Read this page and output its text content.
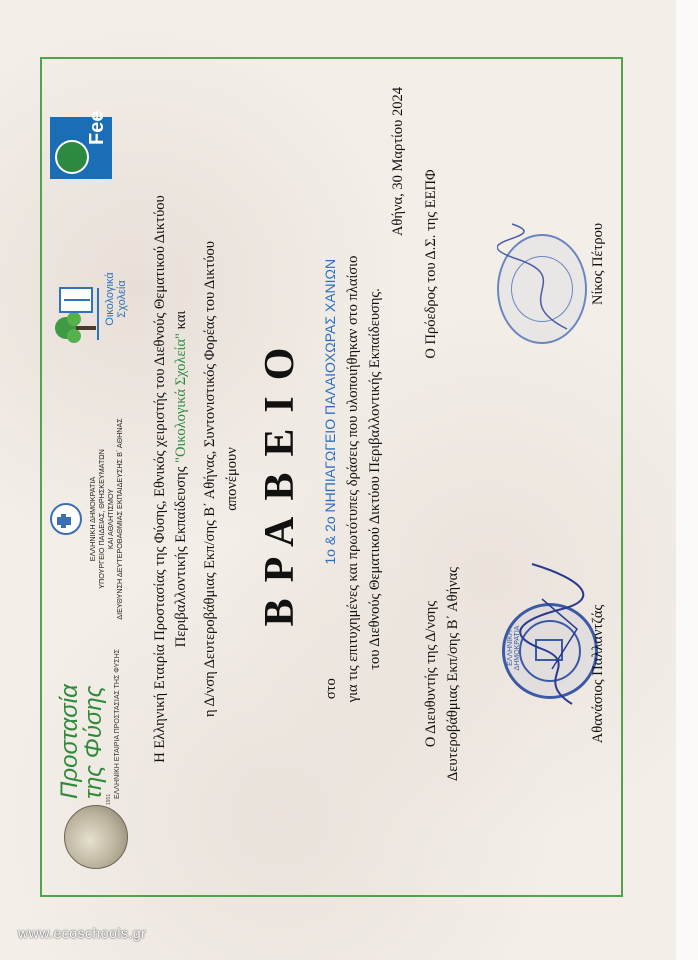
Προστασία της Φύσης
1951
ΕΛΛΗΝΙΚΗ ΕΤΑΙΡΙΑ ΠΡΟΣΤΑΣΙΑΣ ΤΗΣ ΦΥΣΗΣ
ΕΛΛΗΝΙΚΗ ΔΗΜΟΚΡΑΤΙΑ ΥΠΟΥΡΓΕΙΟ ΠΑΙΔΕΙΑΣ, ΘΡΗΣΚΕΥΜΑΤΩΝ ΚΑΙ ΑΘΛΗΤΙΣΜΟΥ ΔΙΕΥΘΥΝΣΗ ΔΕΥΤΕΡΟΒΑΘΜΙΑΣ ΕΚΠΑΙΔΕΥΣΗΣ Β΄ ΑΘΗΝΑΣ
Οικολογικά Σχολεία
Fee
Η Ελληνική Εταιρία Προστασίας της Φύσης, Εθνικός χειριστής του Διεθνούς Θεματικού Δικτύου Περιβαλλοντικής Εκπαίδευσης "Οικολογικά Σχολεία" και η Δ/νση Δευτεροβάθμιας Εκπ/σης Β΄ Αθήνας, Συντονιστικός Φορέας του Δικτύου απονέμουν ΒΡΑΒΕΙΟ
στο 1ο & 2ο ΝΗΠΙΑΓΩΓΕΙΟ ΠΑΛΑΙΟΧΩΡΑΣ ΧΑΝΙΩΝ για τις επιτυχημένες και πρωτότυπες δράσεις που υλοποιήθηκαν στο πλαίσιο του Διεθνούς Θεματικού Δικτύου Περιβαλλοντικής Εκπαίδευσης.
Αθήνα, 30 Μαρτίου 2024
Ο Διευθυντής της Δ/νσης Δευτεροβάθμιας Εκπ/σης Β΄ Αθήνας
Ο Πρόεδρος του Δ.Σ. της ΕΕΠΦ
ΕΛΛΗΝΙΚΗ ΔΗΜΟΚΡΑΤΙΑ	Αθανάσιος Παλλαντζάς
Νίκος Πέτρου
www.ecoschools.gr
